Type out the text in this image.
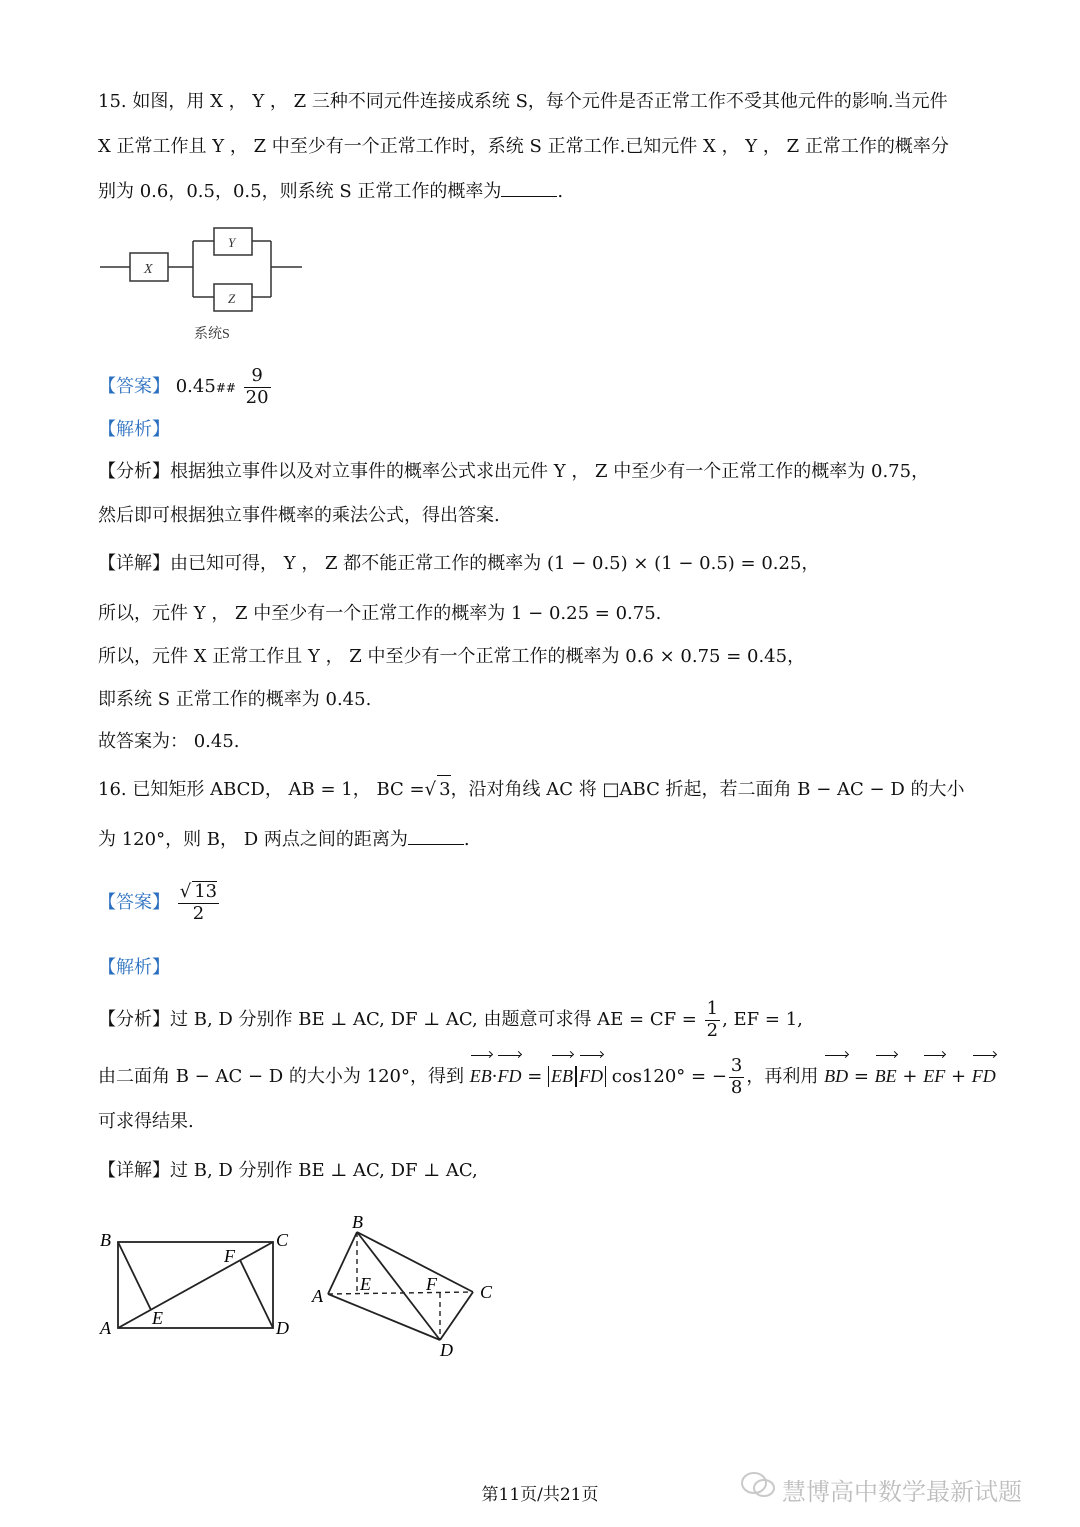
15. 如图，用 X ， Y ， Z 三种不同元件连接成系统 S，每个元件是否正常工作不受其他元件的影响.当元件
X 正常工作且 Y ， Z 中至少有一个正常工作时，系统 S 正常工作.已知元件 X ， Y ， Z 正常工作的概率分
别为 0.6，0.5，0.5，则系统 S 正常工作的概率为	.
X
Y
Z
系统S
【答案】 0.45## $\frac{9}{20}$
【解析】
【分析】根据独立事件以及对立事件的概率公式求出元件 Y ， Z 中至少有一个正常工作的概率为 0.75，
然后即可根据独立事件概率的乘法公式，得出答案.
【详解】由已知可得， Y ， Z 都不能正常工作的概率为 (1 − 0.5) × (1 − 0.5) = 0.25，
所以，元件 Y ， Z 中至少有一个正常工作的概率为 1 − 0.25 = 0.75.
所以，元件 X 正常工作且 Y ， Z 中至少有一个正常工作的概率为 0.6 × 0.75 = 0.45，
即系统 S 正常工作的概率为 0.45.
故答案为： 0.45.
16. 已知矩形 ABCD， AB = 1， BC =√ 3，沿对角线 AC 将 □ABC 折起，若二面角 B − AC − D 的大小
为 120°，则 B， D 两点之间的距离为	.
【答案】 $\frac{√ 13}{2}$
【解析】
【分析】过 B, D 分别作 BE ⊥ AC, DF ⊥ AC, 由题意可求得 AE = CF = $\frac{1}{2}$ , EF = 1,
由二面角 B − AC − D 的大小为 120°，得到 EB·FD = EB FD cos120° = − $\frac{3}{8}$ ，再利用 BD = BE + EF + FD
可求得结果.
【详解】过 B, D 分别作 BE ⊥ AC, DF ⊥ AC,
B	C
A	D
E
F
B
A	C
D
E	F
慧博高中数学最新试题
第11页/共21页
